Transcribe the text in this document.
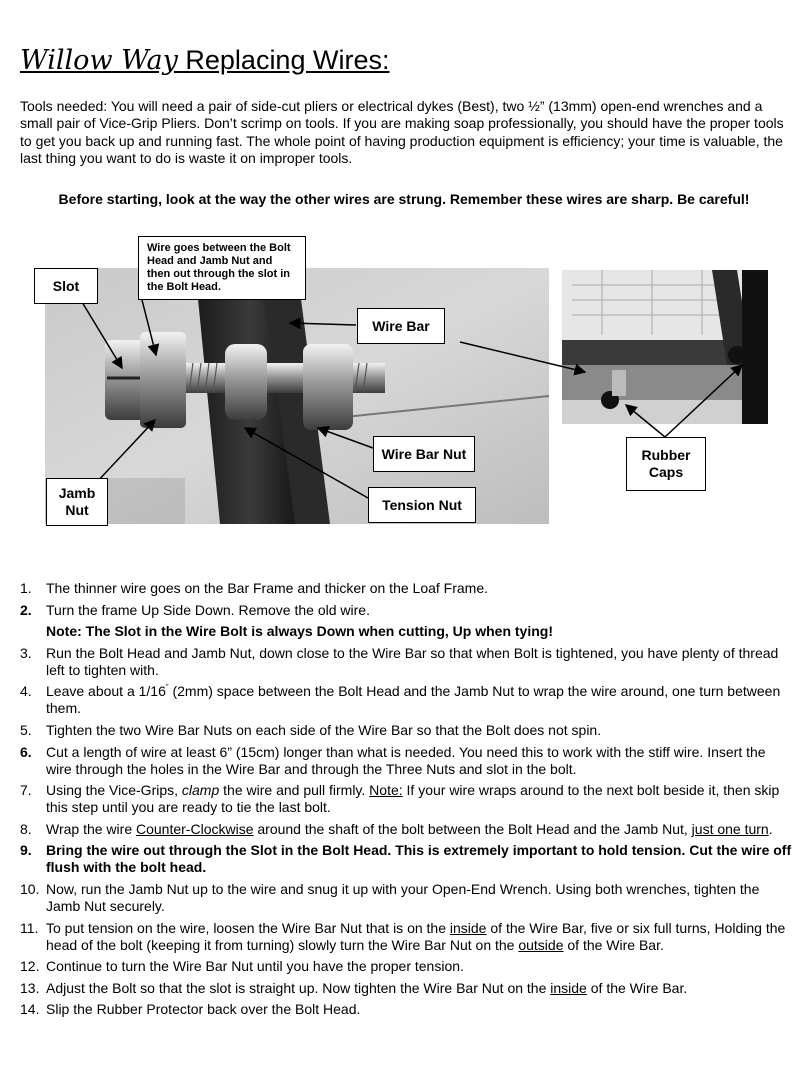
Willow Way Replacing Wires:
Tools needed: You will need a pair of side-cut pliers or electrical dykes (Best), two ½” (13mm) open-end wrenches and a small pair of Vice-Grip Pliers. Don’t scrimp on tools. If you are making soap professionally, you should have the proper tools to get you back up and running fast. The whole point of having production equipment is efficiency; your time is valuable, the last thing you want to do is waste it on improper tools.
Before starting, look at the way the other wires are strung. Remember these wires are sharp. Be careful!
Slot
Wire goes between the Bolt Head and Jamb Nut and then out through the slot in the Bolt Head.
Wire Bar
Wire Bar Nut
Tension Nut
Jamb
Nut
Rubber
Caps
1. The thinner wire goes on the Bar Frame and thicker on the Loaf Frame.
2. Turn the frame Up Side Down. Remove the old wire.
Note: The Slot in the Wire Bolt is always Down when cutting, Up when tying!
3. Run the Bolt Head and Jamb Nut, down close to the Wire Bar so that when Bolt is tightened, you have plenty of thread left to tighten with.
4. Leave about a 1/16” (2mm) space between the Bolt Head and the Jamb Nut to wrap the wire around, one turn between them.
5. Tighten the two Wire Bar Nuts on each side of the Wire Bar so that the Bolt does not spin.
6. Cut a length of wire at least 6” (15cm) longer than what is needed. You need this to work with the stiff wire. Insert the wire through the holes in the Wire Bar and through the Three Nuts and slot in the bolt.
7. Using the Vice-Grips, clamp the wire and pull firmly. Note: If your wire wraps around to the next bolt beside it, then skip this step until you are ready to tie the last bolt.
8. Wrap the wire Counter-Clockwise around the shaft of the bolt between the Bolt Head and the Jamb Nut, just one turn.
9. Bring the wire out through the Slot in the Bolt Head. This is extremely important to hold tension. Cut the wire off flush with the bolt head.
10. Now, run the Jamb Nut up to the wire and snug it up with your Open-End Wrench. Using both wrenches, tighten the Jamb Nut securely.
11. To put tension on the wire, loosen the Wire Bar Nut that is on the inside of the Wire Bar, five or six full turns, Holding the head of the bolt (keeping it from turning) slowly turn the Wire Bar Nut on the outside of the Wire Bar.
12. Continue to turn the Wire Bar Nut until you have the proper tension.
13. Adjust the Bolt so that the slot is straight up. Now tighten the Wire Bar Nut on the inside of the Wire Bar.
14. Slip the Rubber Protector back over the Bolt Head.
